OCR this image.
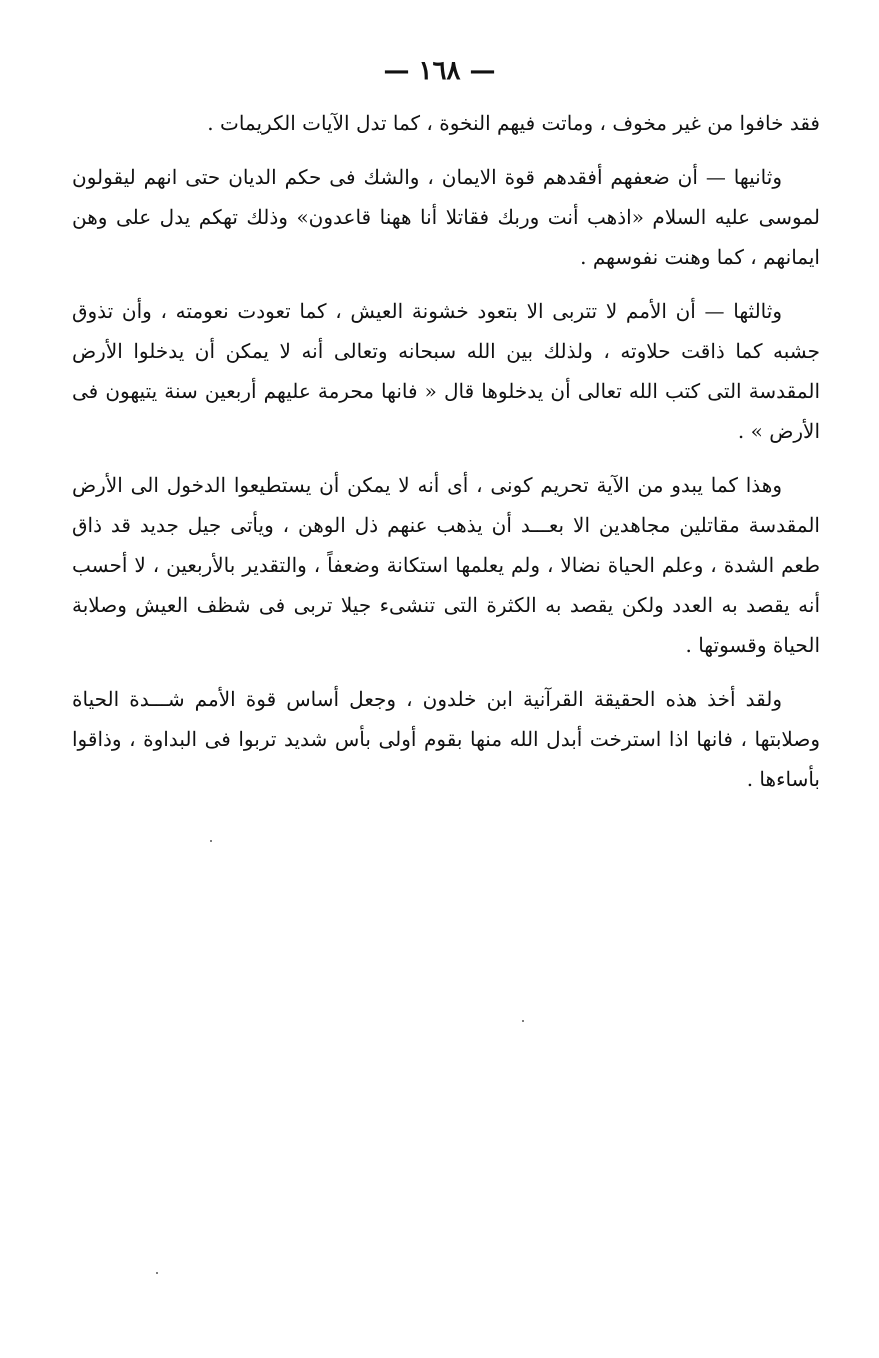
— ١٦٨ —

فقد خافوا من غير مخوف ، وماتت فيهم النخوة ، كما تدل الآيات الكريمات .

وثانيها — أن ضعفهم أفقدهم قوة الايمان ، والشك فى حكم الديان حتى انهم ليقولون لموسى عليه السلام «اذهب أنت وربك فقاتلا أنا ههنا قاعدون» وذلك تهكم يدل على وهن ايمانهم ، كما وهنت نفوسهم .

وثالثها — أن الأمم لا تتربى الا بتعود خشونة العيش ، كما تعودت نعومته ، وأن تذوق جشبه كما ذاقت حلاوته ، ولذلك بين الله سبحانه وتعالى أنه لا يمكن أن يدخلوا الأرض المقدسة التى كتب الله تعالى أن يدخلوها قال « فانها محرمة عليهم أربعين سنة يتيهون فى الأرض » .

وهذا كما يبدو من الآية تحريم كونى ، أى أنه لا يمكن أن يستطيعوا الدخول الى الأرض المقدسة مقاتلين مجاهدين الا بعـــد أن يذهب عنهم ذل الوهن ، ويأتى جيل جديد قد ذاق طعم الشدة ، وعلم الحياة نضالا ، ولم يعلمها استكانة وضعفاً ، والتقدير بالأربعين ، لا أحسب أنه يقصد به العدد ولكن يقصد به الكثرة التى تنشىء جيلا تربى فى شظف العيش وصلابة الحياة وقسوتها .

ولقد أخذ هذه الحقيقة القرآنية ابن خلدون ، وجعل أساس قوة الأمم شـــدة الحياة وصلابتها ، فانها اذا استرخت أبدل الله منها بقوم أولى بأس شديد تربوا فى البداوة ، وذاقوا بأساءها .
